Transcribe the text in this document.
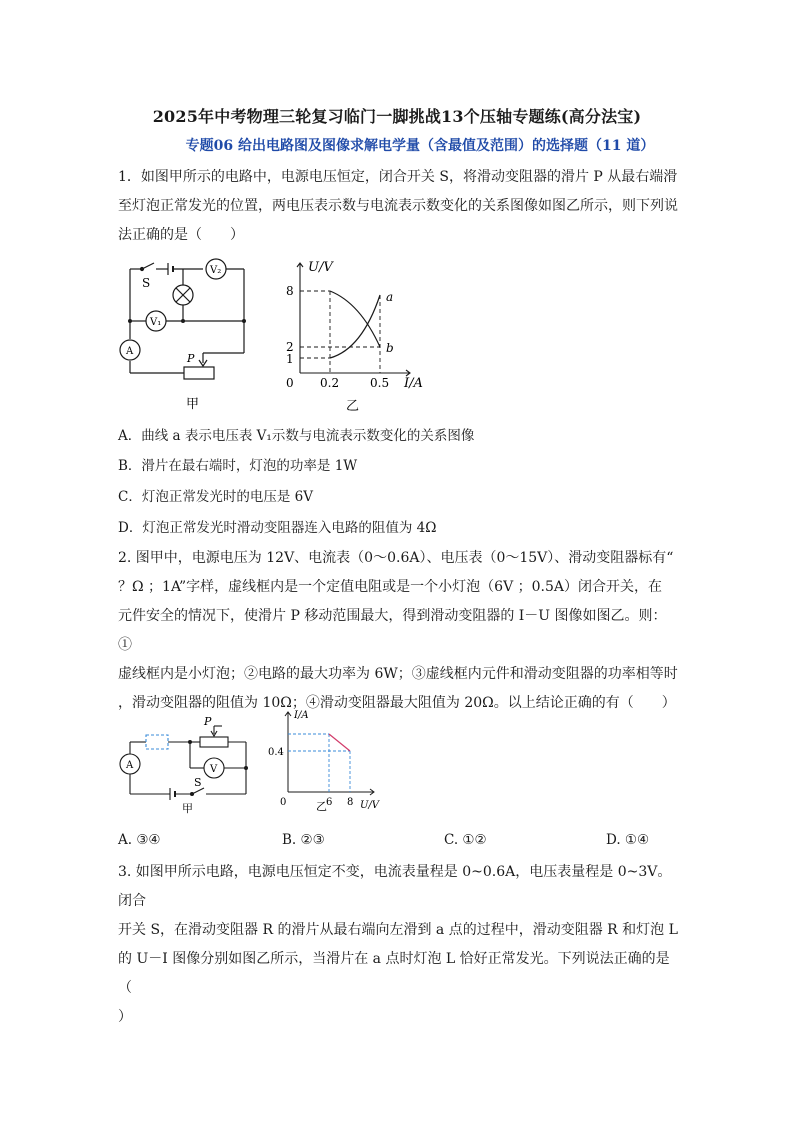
2025年中考物理三轮复习临门一脚挑战13个压轴专题练(高分法宝)
专题06 给出电路图及图像求解电学量（含最值及范围）的选择题（11 道）
1．如图甲所示的电路中，电源电压恒定，闭合开关 S，将滑动变阻器的滑片 P 从最右端滑
至灯泡正常发光的位置，两电压表示数与电流表示数变化的关系图像如图乙所示，则下列说
法正确的是（　　）
S
V₂
V₁
A
P
甲
U/V
I/A
0
8
2
1
0.2	0.5
a
b
乙
A．曲线 a 表示电压表 V₁示数与电流表示数变化的关系图像
B．滑片在最右端时，灯泡的功率是 1W
C．灯泡正常发光时的电压是 6V
D．灯泡正常发光时滑动变阻器连入电路的阻值为 4Ω
2. 图甲中，电源电压为 12V、电流表（0～0.6A）、电压表（0～15V）、滑动变阻器标有“
？Ω ；1A”字样，虚线框内是一个定值电阻或是一个小灯泡（6V ；0.5A）闭合开关，在
元件安全的情况下，使滑片 P 移动范围最大，得到滑动变阻器的 I－U 图像如图乙。则：①
虚线框内是小灯泡；②电路的最大功率为 6W；③虚线框内元件和滑动变阻器的功率相等时
，滑动变阻器的阻值为 10Ω；④滑动变阻器最大阻值为 20Ω。以上结论正确的有（　　）
A	V
P
S
甲
I/A
U/V
0
0.4
6 8
乙
A. ③④	B. ②③	C. ①②	D. ①④
3. 如图甲所示电路，电源电压恒定不变，电流表量程是 0~0.6A，电压表量程是 0~3V。闭合
开关 S，在滑动变阻器 R 的滑片从最右端向左滑到 a 点的过程中，滑动变阻器 R 和灯泡 L
的 U－I 图像分别如图乙所示，当滑片在 a 点时灯泡 L 恰好正常发光。下列说法正确的是（
）
